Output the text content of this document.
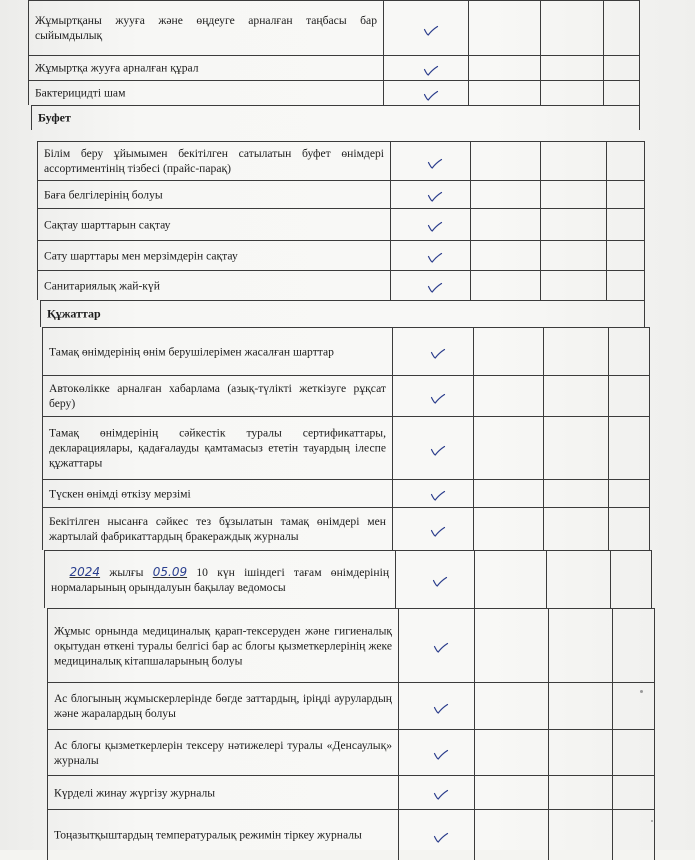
Жұмыртқаны жууға және өңдеуге арналған таңбасы бар сыйымдылық
Жұмыртқа жууға арналған құрал
Бактерицидті шам
Буфет
Білім беру ұйымымен бекітілген сатылатын буфет өнімдері ассортиментінің тізбесі (прайс-парақ)
Баға белгілерінің болуы
Сақтау шарттарын сақтау
Сату шарттары мен мерзімдерін сақтау
Санитариялық жай-күй
Құжаттар
Тамақ өнімдерінің өнім берушілерімен жасалған шарттар
Автокөлікке арналған хабарлама (азық-түлікті жеткізуге рұқсат беру)
Тамақ өнімдерінің сәйкестік туралы сертификаттары, декларациялары, қадағалауды қамтамасыз ететін тауардың ілеспе құжаттары
Түскен өнімді өткізу мерзімі
Бекітілген нысанға сәйкес тез бұзылатын тамақ өнімдері мен жартылай фабрикаттардың бракераждық журналы
2024 жылғы 05.09 10 күн ішіндегі тағам өнімдерінің нормаларының орындалуын бақылау ведомосы
Жұмыс орнында медициналық қарап-тексеруден және гигиеналық оқытудан өткені туралы белгісі бар ас блогы қызметкерлерінің жеке медициналық кітапшаларының болуы
Ас блогының жұмыскерлерінде бөгде заттардың, іріңді аурулардың және жаралардың болуы
Ас блогы қызметкерлерін тексеру нәтижелері туралы «Денсаулық» журналы
Күрделі жинау жүргізу журналы
Тоңазытқыштардың температуралық режимін тіркеу журналы
